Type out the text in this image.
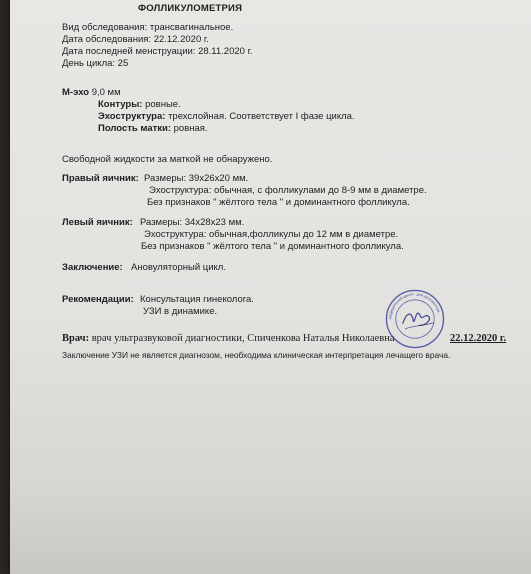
ФОЛЛИКУЛОМЕТРИЯ
Вид обследования: трансвагинальное.
Дата обследования: 22.12.2020 г.
Дата последней менструации: 28.11.2020 г.
День цикла: 25
М-эхо 9,0 мм
Контуры: ровные.
Эхоструктура: трехслойная. Соответствует I фазе цикла.
Полость матки: ровная.
Свободной жидкости за маткой не обнаружено.
Правый яичник: Размеры: 39х26х20 мм.
Эхоструктура: обычная, с фолликулами до 8-9 мм в диаметре.
Без признаков " жёлтого тела " и доминантного фолликула.
Левый яичник: Размеры: 34х28х23 мм.
Эхоструктура: обычная,фолликулы до 12 мм в диаметре.
Без признаков " жёлтого тела " и доминантного фолликула.
Заключение: Ановуляторный цикл.
Рекомендации: Консультация гинеколога.
УЗИ в динамике.
Врач: врач ультразвуковой диагностики, Спиченкова Наталья Николаевна	22.12.2020 г.
Заключение УЗИ не является диагнозом, необходима клиническая интерпретация лечащего врача.
МЕДИЦИНСКИЙ ЦЕНТР · ДЛЯ ДОКУМЕНТОВ ·
